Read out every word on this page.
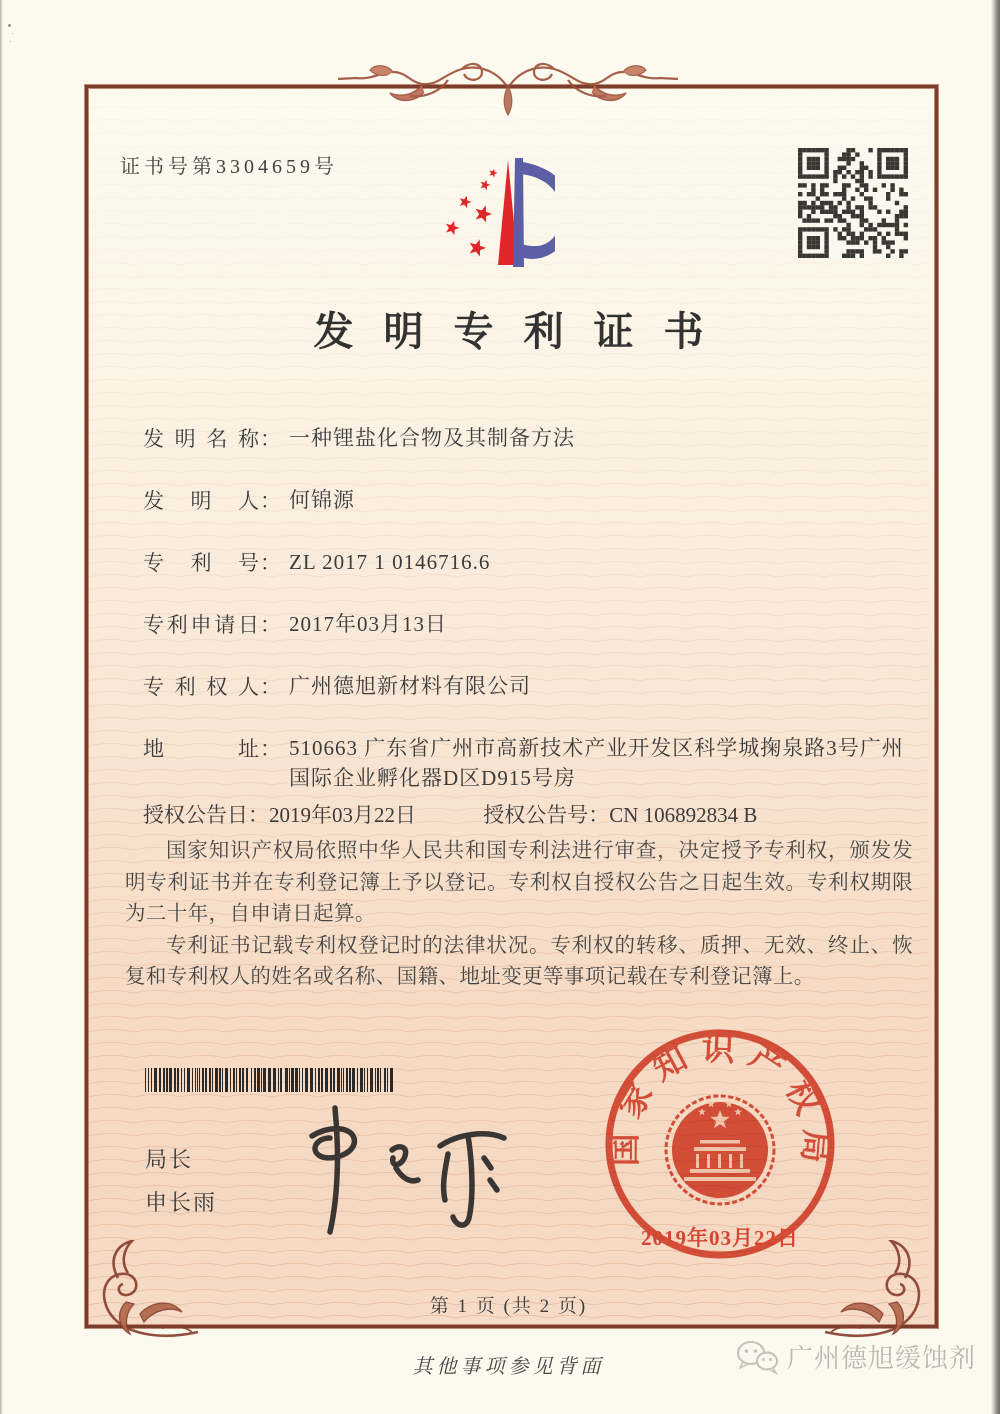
证书号第3304659号
发明专利证书
发明名称： 一种锂盐化合物及其制备方法
发明人： 何锦源
专利号： ZL 2017 1 0146716.6
专利申请日： 2017年03月13日
专利权人： 广州德旭新材料有限公司
地址： 510663 广东省广州市高新技术产业开发区科学城掬泉路3号广州国际企业孵化器D区D915号房
授权公告日：2019年03月22日	授权公告号：CN 106892834 B

国家知识产权局依照中华人民共和国专利法进行审查，决定授予专利权，颁发发明专利证书并在专利登记簿上予以登记。专利权自授权公告之日起生效。专利权期限为二十年，自申请日起算。

专利证书记载专利权登记时的法律状况。专利权的转移、质押、无效、终止、恢复和专利权人的姓名或名称、国籍、地址变更等事项记载在专利登记簿上。

局长
申长雨
国家知识产权局
2019年03月22日
第 1 页 (共 2 页)
其他事项参见背面	广州德旭缓蚀剂
